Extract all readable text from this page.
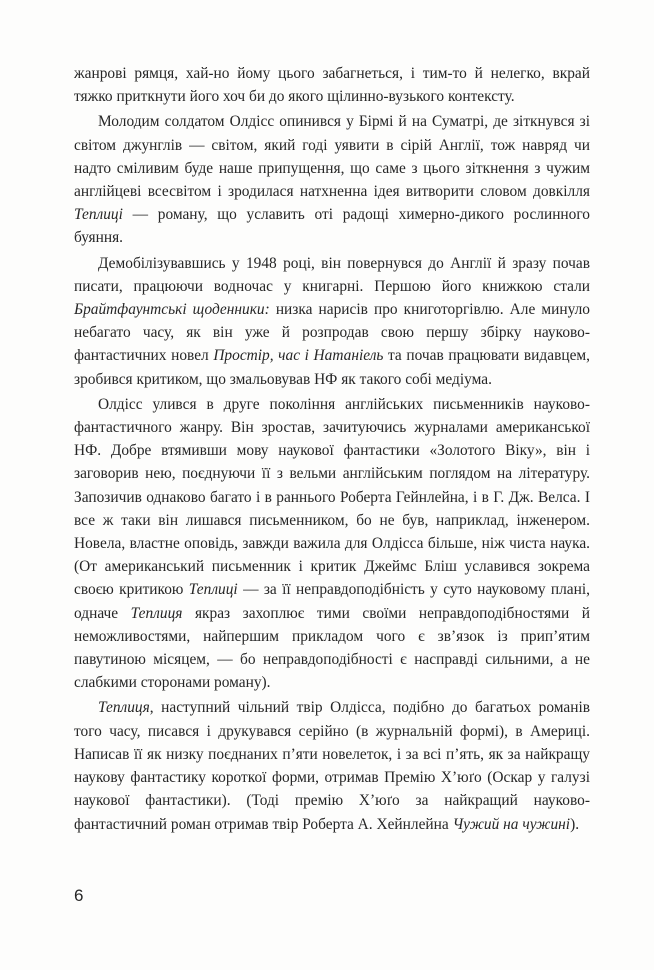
жанрові рямця, хай-но йому цього забагнеться, і тим-то й нелегко, вкрай тяжко приткнути його хоч би до якого щілинно-вузького контексту.

Молодим солдатом Олдісс опинився у Бірмі й на Суматрі, де зіткнувся зі світом джунглів — світом, який годі уявити в сірій Англії, тож навряд чи надто сміливим буде наше припущення, що саме з цього зіткнення з чужим англійцеві всесвітом і зродилася натхненна ідея витворити словом довкілля Теплиці — роману, що уславить оті радощі химерно-дикого рослинного буяння.

Демобілізувавшись у 1948 році, він повернувся до Англії й зразу почав писати, працюючи водночас у книгарні. Першою його книжкою стали Брайтфаунтські щоденники: низка нарисів про книготоргівлю. Але минуло небагато часу, як він уже й розпродав свою першу збірку науково-фантастичних новел Простір, час і Натаніель та почав працювати видавцем, зробився критиком, що змальовував НФ як такого собі медіума.

Олдісс улився в друге покоління англійських письменників науково-фантастичного жанру. Він зростав, зачитуючись журналами американської НФ. Добре втямивши мову наукової фантастики «Золотого Віку», він і заговорив нею, поєднуючи її з вельми англійським поглядом на літературу. Запозичив однаково багато і в раннього Роберта Гейнлейна, і в Г. Дж. Велса. І все ж таки він лишався письменником, бо не був, наприклад, інженером. Новела, властне оповідь, завжди важила для Олдісса більше, ніж чиста наука. (От американський письменник і критик Джеймс Бліш уславився зокрема своєю критикою Теплиці — за її неправдоподібність у суто науковому плані, одначе Теплиця якраз захоплює тими своїми неправдоподібностями й неможливостями, найпершим прикладом чого є зв’язок із припʼятим павутиною місяцем, — бо неправдоподібності є насправді сильними, а не слабкими сторонами роману).

Теплиця, наступний чільний твір Олдісса, подібно до багатьох романів того часу, писався і друкувався серійно (в журнальній формі), в Америці. Написав її як низку поєднаних п’яти новелеток, і за всі п’ять, як за найкращу наукову фантастику короткої форми, отримав Премію Х’юґо (Оскар у галузі наукової фантастики). (Тоді премію Х’юґо за найкращий науково-фантастичний роман отримав твір Роберта А. Хейнлейна Чужий на чужині).

6
